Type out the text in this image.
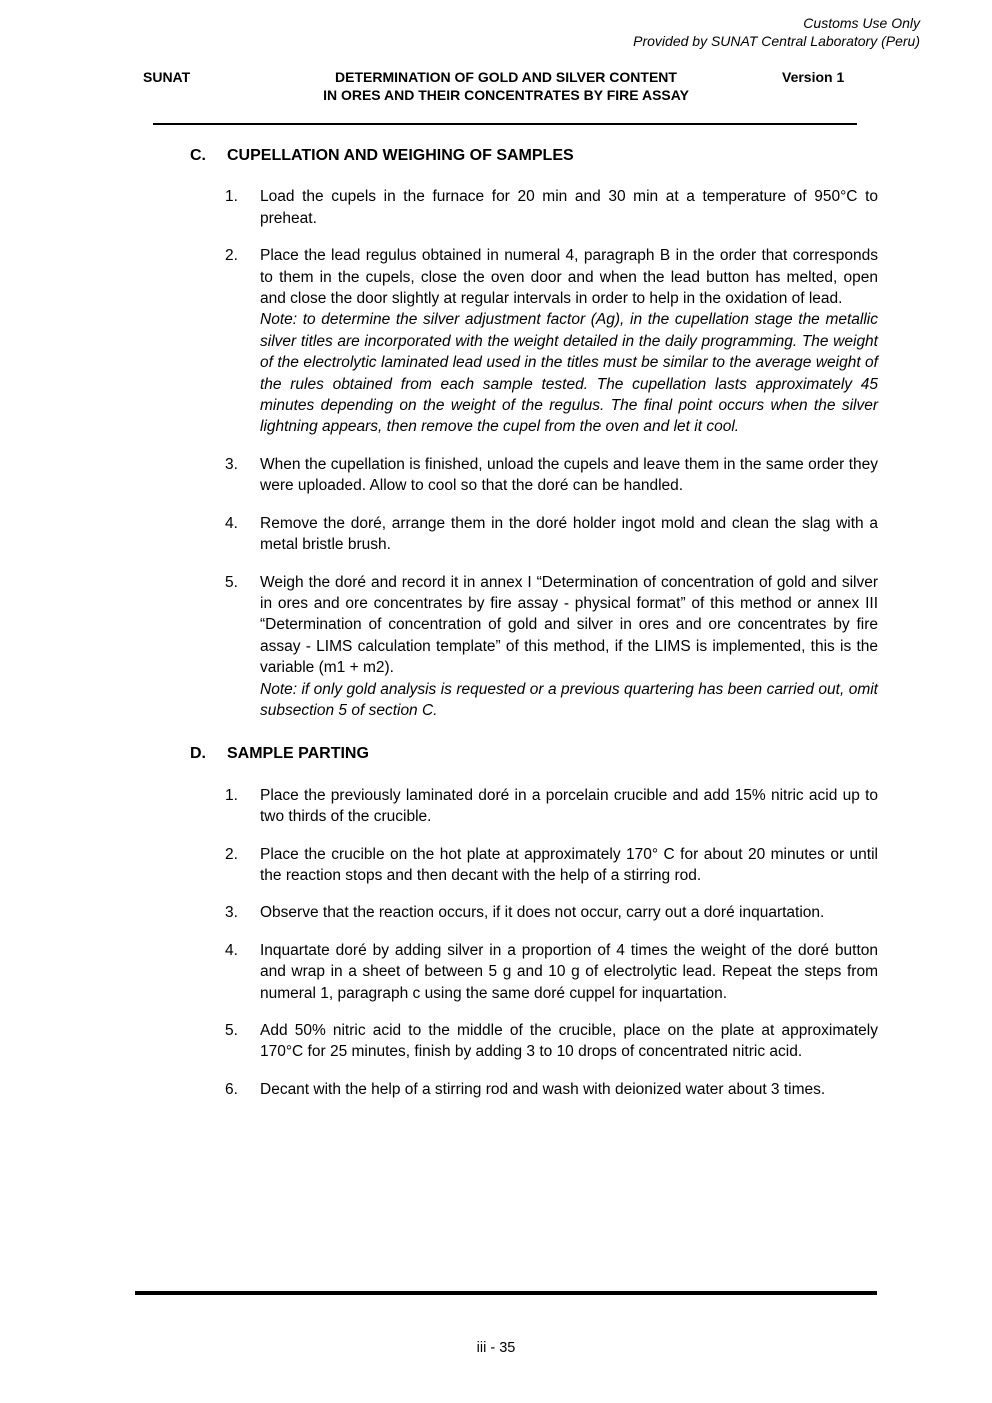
Customs Use Only
Provided by SUNAT Central Laboratory (Peru)
SUNAT	DETERMINATION OF GOLD AND SILVER CONTENT
IN ORES AND THEIR CONCENTRATES BY FIRE ASSAY
Version 1
C.	CUPELLATION AND WEIGHING OF SAMPLES
1.	Load the cupels in the furnace for 20 min and 30 min at a temperature of 950°C to preheat.
2.	Place the lead regulus obtained in numeral 4, paragraph B in the order that corresponds to them in the cupels, close the oven door and when the lead button has melted, open and close the door slightly at regular intervals in order to help in the oxidation of lead.
Note: to determine the silver adjustment factor (Ag), in the cupellation stage the metallic silver titles are incorporated with the weight detailed in the daily programming. The weight of the electrolytic laminated lead used in the titles must be similar to the average weight of the rules obtained from each sample tested. The cupellation lasts approximately 45 minutes depending on the weight of the regulus. The final point occurs when the silver lightning appears, then remove the cupel from the oven and let it cool.
3.	When the cupellation is finished, unload the cupels and leave them in the same order they were uploaded. Allow to cool so that the doré can be handled.
4.	Remove the doré, arrange them in the doré holder ingot mold and clean the slag with a metal bristle brush.
5.	Weigh the doré and record it in annex I “Determination of concentration of gold and silver in ores and ore concentrates by fire assay - physical format” of this method or annex III “Determination of concentration of gold and silver in ores and ore concentrates by fire assay - LIMS calculation template” of this method, if the LIMS is implemented, this is the variable (m1 + m2).
Note: if only gold analysis is requested or a previous quartering has been carried out, omit subsection 5 of section C.
D.	SAMPLE PARTING
1.	Place the previously laminated doré in a porcelain crucible and add 15% nitric acid up to two thirds of the crucible.
2.	Place the crucible on the hot plate at approximately 170° C for about 20 minutes or until the reaction stops and then decant with the help of a stirring rod.
3.	Observe that the reaction occurs, if it does not occur, carry out a doré inquartation.
4.	Inquartate doré by adding silver in a proportion of 4 times the weight of the doré button and wrap in a sheet of between 5 g and 10 g of electrolytic lead. Repeat the steps from numeral 1, paragraph c using the same doré cuppel for inquartation.
5.	Add 50% nitric acid to the middle of the crucible, place on the plate at approximately 170°C for 25 minutes, finish by adding 3 to 10 drops of concentrated nitric acid.
6.	Decant with the help of a stirring rod and wash with deionized water about 3 times.
iii - 35
